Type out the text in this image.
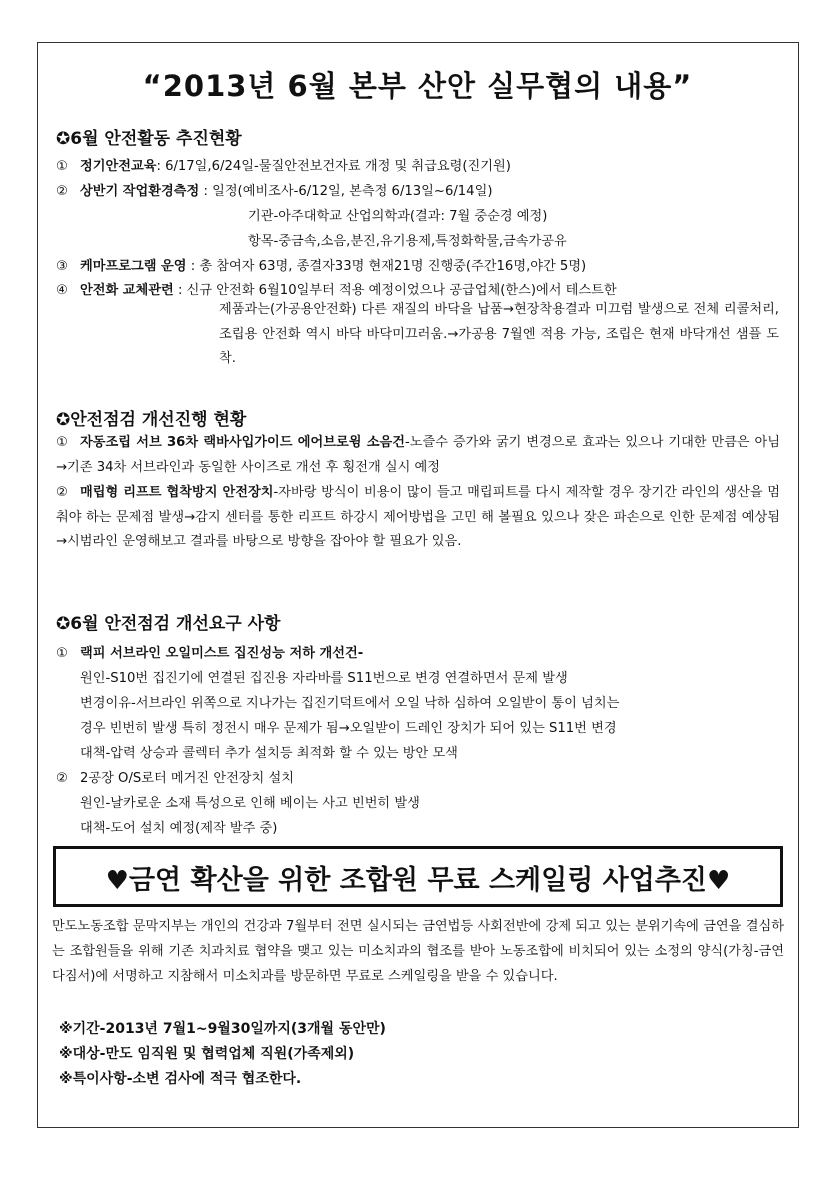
“2013년 6월 본부 산안 실무협의 내용”
✪6월 안전활동 추진현황
① 정기안전교육: 6/17일,6/24일-물질안전보건자료 개정 및 취급요령(진기원)
② 상반기 작업환경측정 : 일정(예비조사-6/12일, 본측정 6/13일~6/14일)
기관-아주대학교 산업의학과(결과: 7월 중순경 예정)
항목-중금속,소음,분진,유기용제,특정화학물,금속가공유
③ 케마프로그램 운영 : 총 참여자 63명, 종결자33명 현재21명 진행중(주간16명,야간 5명)
④ 안전화 교체관련 : 신규 안전화 6월10일부터 적용 예정이었으나 공급업체(한스)에서 테스트한
제품과는(가공용안전화) 다른 재질의 바닥을 납품→현장착용결과 미끄럼 발생으로 전체 리콜처리, 조립용 안전화 역시 바닥 바닥미끄러움.→가공용 7월엔 적용 가능, 조립은 현재 바닥개선 샘플 도착.
✪안전점검 개선진행 현황
① 자동조립 서브 36차 랙바사입가이드 에어브로윙 소음건-노즐수 증가와 굵기 변경으로 효과는 있으나 기대한 만큼은 아님→기존 34차 서브라인과 동일한 사이즈로 개선 후 횡전개 실시 예정
② 매립형 리프트 협착방지 안전장치-자바랑 방식이 비용이 많이 들고 매립피트를 다시 제작할 경우 장기간 라인의 생산을 멈춰야 하는 문제점 발생→감지 센터를 통한 리프트 하강시 제어방법을 고민 해 볼필요 있으나 잦은 파손으로 인한 문제점 예상됨→시범라인 운영해보고 결과를 바탕으로 방향을 잡아야 할 필요가 있음.
✪6월 안전점검 개선요구 사항
① 랙피 서브라인 오일미스트 집진성능 저하 개선건-
원인-S10번 집진기에 연결된 집진용 자라바를 S11번으로 변경 연결하면서 문제 발생
변경이유-서브라인 위쪽으로 지나가는 집진기덕트에서 오일 낙하 심하여 오일받이 통이 넘치는
경우 빈번히 발생 특히 정전시 매우 문제가 됨→오일받이 드레인 장치가 되어 있는 S11번 변경
대책-압력 상승과 콜렉터 추가 설치등 최적화 할 수 있는 방안 모색
② 2공장 O/S로터 메거진 안전장치 설치
원인-날카로운 소재 특성으로 인해 베이는 사고 빈번히 발생
대책-도어 설치 예정(제작 발주 중)
♥금연 확산을 위한 조합원 무료 스케일링 사업추진♥
만도노동조합 문막지부는 개인의 건강과 7월부터 전면 실시되는 금연법등 사회전반에 강제 되고 있는 분위기속에 금연을 결심하는 조합원들을 위해 기존 치과치료 협약을 맺고 있는 미소치과의 협조를 받아 노동조합에 비치되어 있는 소정의 양식(가칭-금연다짐서)에 서명하고 지참해서 미소치과를 방문하면 무료로 스케일링을 받을 수 있습니다.
※기간-2013년 7월1~9월30일까지(3개월 동안만)
※대상-만도 임직원 및 협력업체 직원(가족제외)
※특이사항-소변 검사에 적극 협조한다.
